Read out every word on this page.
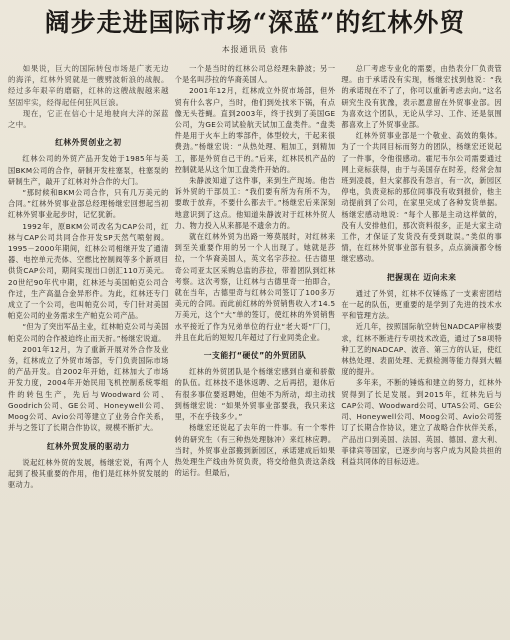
阔步走进国际市场“深蓝”的红林外贸
本报通讯员 袁伟

如果说，巨大的国际转包市场是广袤无边的海洋，红林外贸就是一艘劈波斩浪的战舰。经过多年艰辛的磨砺，红林的这艘战舰越来越坚固牢实，经得起任何狂风巨浪。

现在，它正在信心十足地驶向大洋的深蓝之中。

红林外贸创业之初

红林公司的外贸产品开发始于1985年与美国BKM公司的合作，研制开发柱塞泵，柱塞泵的研制生产，敲开了红林对外合作的大门。

“那时候和BKM公司合作，只有几万美元的合同。”红林外贸事业部总经理杨继宏回想起当初红林外贸事业起步时，记忆犹新。

1992年，原BKM公司改名为CAP公司，红林与CAP公司共同合作开发SP天然气喷射阀。1995－2000年期间，红林公司相继开发了通清器、电控单元壳体、空燃比控制阀等多个新项目供货CAP公司，期间实现出口创汇110万美元。20世纪90年代中期，红林还与美国帕克公司合作过，生产高温合金异形件。为此，红林还专门成立了一个公司，也叫帕克公司，专门针对美国帕克公司的业务需求生产帕克公司产品。

“但为了突出军品主业，红林帕克公司与美国帕克公司的合作被迫终止而天折。”杨继宏说道。

2001年12月，为了重新开展对外合作及业务，红林成立了外贸市场部，专门负责国际市场的产品开发。自2002年开始，红林加大了市场开发力度，2004年开始民用飞机控制系统零组件的转包生产，先后与Woodward公司、Goodrich公司、GE公司、Honeywell公司、Moog公司、Avio公司等建立了业务合作关系，并与之签订了长期合作协议，规模不断扩大。

红林外贸发展的驱动力

说起红林外贸的发展，杨继宏说，有两个人起到了极其重要的作用，他们是红林外贸发展的驱动力。

一个是当时的红林公司总经理朱静波；另一个是名叫莎拉的华裔美国人。

2001年12月，红林成立外贸市场部，但外贸有什么客户，当时，他们到处找米下锅，有点像无头苍蝇。直到2003年，终于找到了美国GE公司，为GE公司试验航天试加工盘类件。“盘类件是用于火车上的零部件，体型较大，干起来很费劲。”杨继宏说：“从热处理、粗加工，到精加工，都是外贸自己干的。”后来，红林民机产品的控制就是从这个加工盘类件开始的。

朱静波知道了这件事，来到生产现场。他告诉外贸的干部员工：“我们要有所为有所不为，要敢于放弃，不要什么都去干。”杨继宏后来深刻地意识到了这点。他知道朱静波对于红林外贸人力、物力投入从来都是不遗余力的。

就在红林外贸为出路一筹莫展时，对红林来到至关重要作用的另一个人出现了。她就是莎拉，一个华裔美国人，英文名字莎拉。任古德里奇公司亚太区采购总监的莎拉，带着团队到红林考察。这次考察，让红林与古德里奇一拍即合，就在当年，古德里奇与红林公司签订了100多万美元的合同。而此前红林的外贸销售收入才14.5万美元，这个“大”单的签订，使红林的外贸销售水平接近了作为兄弟单位的行业“老大哥”厂门，并且在此后的短短几年超过了行业同类企业。

一支能打“硬仗”的外贸团队

红林的外贸团队是个杨继宏感到自豪和骄傲的队伍。红林技不退休返聘、之后再招，退休后有很多事位要返聘她，但她不为所动，却主动找到杨继宏说：“如果外贸事业部要我，我只来这里，不在乎钱多少。”

杨继宏还说起了去年的一件事。有一个零件转的研究生（有三种热处理脉冲）来红林应聘。当时，外贸事业部搬到新园区，承诺建成后如果热处理生产线由外贸负责，将交给他负责这条线的运行。但最后，

总厂考虑专业化的需要，由热表分厂负责管理。由于承诺没有实现，杨继宏找到他说：“我的承诺现在不了了，你可以重新考虑去向。”这名研究生没有犹豫，表示愿意留在外贸事业部。因为喜欢这个团队，无论从学习、工作、还是氛围都喜欢上了外贸事业部。

红林外贸事业部是一个敬业、高效的集体。为了一个共同目标而努力的团队，杨继宏还说起了一件事，令他很感动。霍尼韦尔公司需要通过网上竞标获得，由于与美国存在时差，经常会加班到凌晨，但大家都没有怨言，有一次，新园区停电，负责竞标的那位同事没有收到报价，他主动提前到了公司，在家里完成了各种发货单据。杨继宏感动地说：“每个人都是主动这样做的，没有人安排他们，那次资料很多，正是大家主动工作，才保证了发货没有受到耽误。”类似的事情，在红林外贸事业部有很多，点点滴滴都令杨继宏感动。

把握现在 迈向未来

通过了外贸，红林不仅锤炼了一支素密团结在一起的队伍，更重要的是学到了先进的技术水平和管理方法。

近几年，按照国际航空转包NADCAP审核要求，红林不断进行专项技术改造，通过了58项特种工艺的NADCAP、波音、第三方的认证，使红林热处理、表面处理、无损检测等能力得到大幅度的提升。

多年来，不断的锤炼和建立的努力，红林外贸得到了长足发展。到2015年，红林先后与CAP公司、Woodward公司、UTAS公司、GE公司、Honeywell公司、Moog公司、Avio公司签订了长期合作协议，建立了战略合作伙伴关系，产品出口到美国、法国、英国、德国、意大利、菲律宾等国家，已逐步向与客户成为风险共担的利益共同体的目标迈进。
